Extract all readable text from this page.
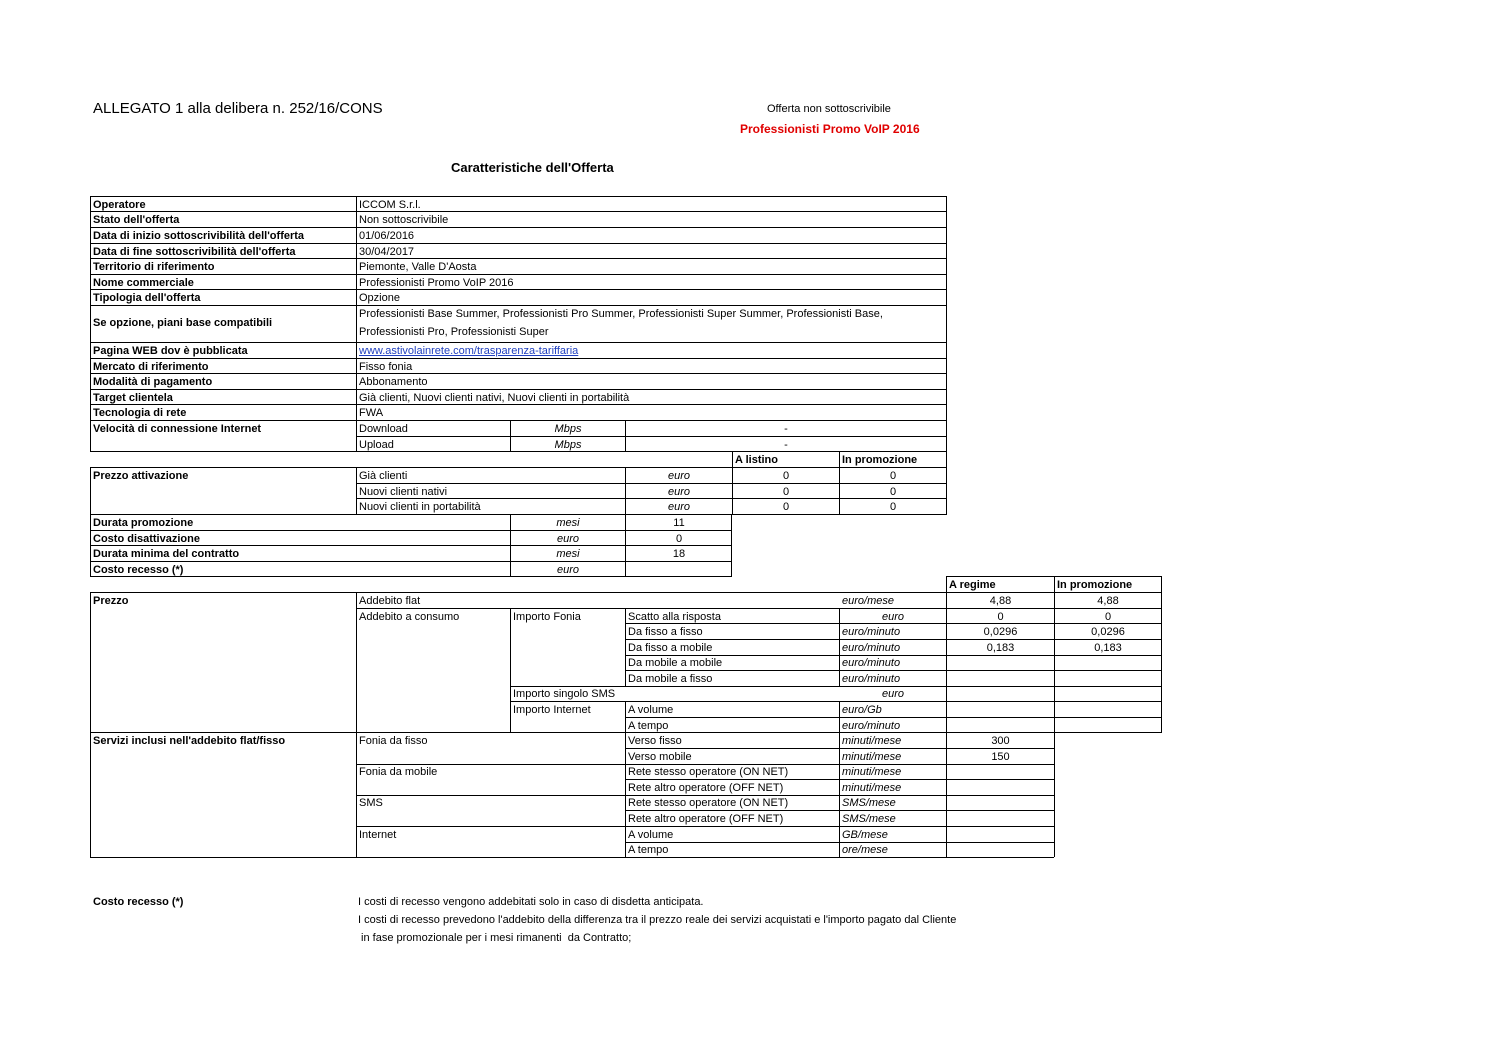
ALLEGATO 1 alla delibera n. 252/16/CONS	Offerta non sottoscrivibile
Professionisti Promo VoIP 2016
Caratteristiche dell'Offerta
Operatore	ICCOM S.r.l.
Stato dell'offerta	Non sottoscrivibile
Data di inizio sottoscrivibilità dell'offerta	01/06/2016
Data di fine sottoscrivibilità dell'offerta	30/04/2017
Territorio di riferimento	Piemonte, Valle D'Aosta
Nome commerciale	Professionisti Promo VoIP 2016
Tipologia dell'offerta	Opzione
Se opzione, piani base compatibili
Professionisti Base Summer, Professionisti Pro Summer, Professionisti Super Summer, Professionisti Base,
Professionisti Pro, Professionisti Super
Pagina WEB dov è pubblicata	www.astivolainrete.com/trasparenza-tariffaria
Mercato di riferimento	Fisso fonia
Modalità di pagamento	Abbonamento
Target clientela	Già clienti, Nuovi clienti nativi, Nuovi clienti in portabilità
Tecnologia di rete	FWA
Velocità di connessione Internet	Download	Mbps	-
Upload	Mbps	-
A listino	In promozione
Prezzo attivazione	Già clienti	euro	0	0
Nuovi clienti nativi	euro	0	0
Nuovi clienti in portabilità	euro	0	0
Durata promozione	mesi	11
Costo disattivazione	euro	0
Durata minima del contratto	mesi	18
Costo recesso (*)	euro
A regime	In promozione
Prezzo	Addebito flat	euro/mese	4,88	4,88
Addebito a consumo	Importo Fonia	Scatto alla risposta	euro	0	0
Da fisso a fisso	euro/minuto	0,0296	0,0296
Da fisso a mobile	euro/minuto	0,183	0,183
Da mobile a mobile	euro/minuto
Da mobile a fisso	euro/minuto
Importo singolo SMS	euro
Importo Internet	A volume	euro/Gb
A tempo	euro/minuto
Servizi inclusi nell'addebito flat/fisso	Fonia da fisso	Verso fisso	minuti/mese	300
Verso mobile	minuti/mese	150
Fonia da mobile	Rete stesso operatore (ON NET)	minuti/mese
Rete altro operatore (OFF NET)	minuti/mese
SMS	Rete stesso operatore (ON NET)	SMS/mese
Rete altro operatore (OFF NET)	SMS/mese
Internet	A volume	GB/mese
A tempo	ore/mese
Costo recesso (*)	I costi di recesso vengono addebitati solo in caso di disdetta anticipata.
I costi di recesso prevedono l'addebito della differenza tra il prezzo reale dei servizi acquistati e l'importo pagato dal Cliente
in fase promozionale per i mesi rimanenti  da Contratto;
